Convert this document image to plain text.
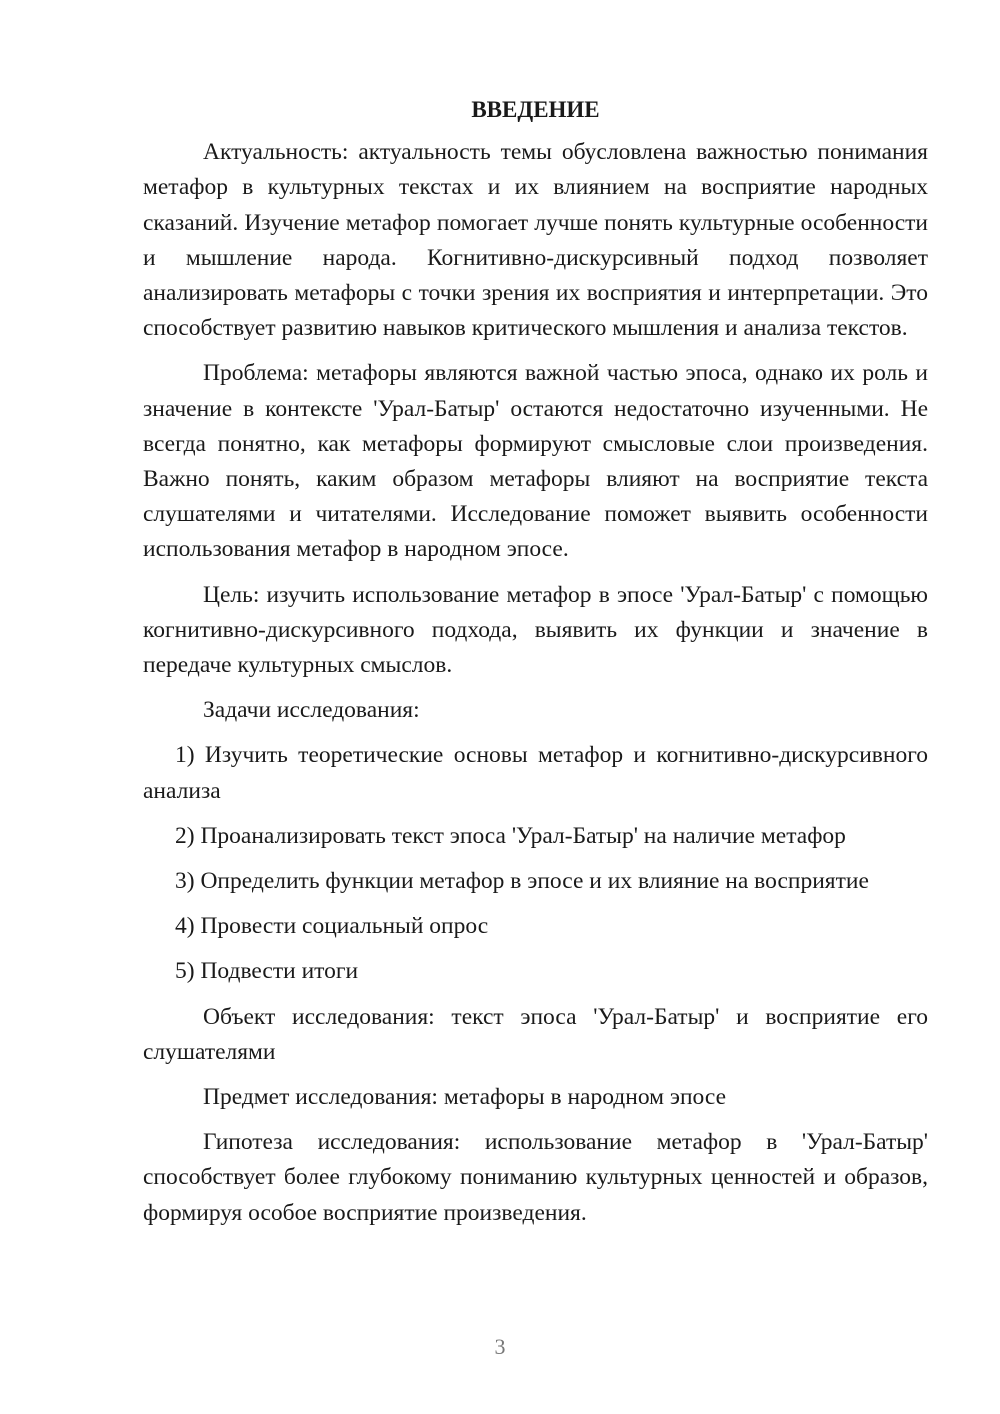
ВВЕДЕНИЕ

Актуальность: актуальность темы обусловлена важностью понимания метафор в культурных текстах и их влиянием на восприятие народных сказаний. Изучение метафор помогает лучше понять культурные особенности и мышление народа. Когнитивно-дискурсивный подход позволяет анализировать метафоры с точки зрения их восприятия и интерпретации. Это способствует развитию навыков критического мышления и анализа текстов.

Проблема: метафоры являются важной частью эпоса, однако их роль и значение в контексте 'Урал-Батыр' остаются недостаточно изученными. Не всегда понятно, как метафоры формируют смысловые слои произведения. Важно понять, каким образом метафоры влияют на восприятие текста слушателями и читателями. Исследование поможет выявить особенности использования метафор в народном эпосе.

Цель: изучить использование метафор в эпосе 'Урал-Батыр' с помощью когнитивно-дискурсивного подхода, выявить их функции и значение в передаче культурных смыслов.

Задачи исследования:

1) Изучить теоретические основы метафор и когнитивно-дискурсивного анализа

2) Проанализировать текст эпоса 'Урал-Батыр' на наличие метафор

3) Определить функции метафор в эпосе и их влияние на восприятие

4) Провести социальный опрос

5) Подвести итоги

Объект исследования: текст эпоса 'Урал-Батыр' и восприятие его слушателями

Предмет исследования: метафоры в народном эпосе

Гипотеза исследования: использование метафор в 'Урал-Батыр' способствует более глубокому пониманию культурных ценностей и образов, формируя особое восприятие произведения.

3
